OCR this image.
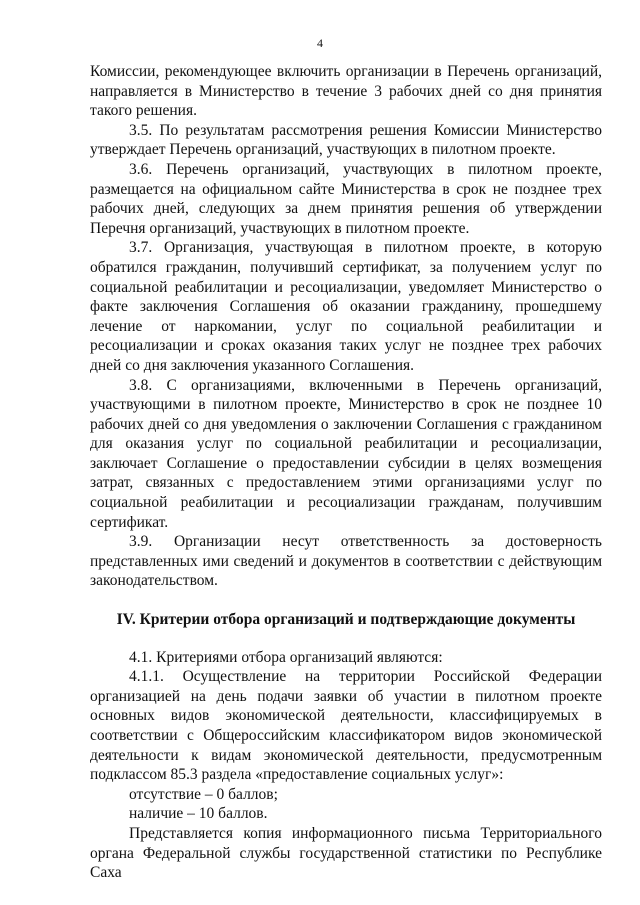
4

Комиссии, рекомендующее включить организации в Перечень организаций, направляется в Министерство в течение 3 рабочих дней со дня принятия такого решения.

3.5. По результатам рассмотрения решения Комиссии Министерство утверждает Перечень организаций, участвующих в пилотном проекте.

3.6. Перечень организаций, участвующих в пилотном проекте, размещается на официальном сайте Министерства в срок не позднее трех рабочих дней, следующих за днем принятия решения об утверждении Перечня организаций, участвующих в пилотном проекте.

3.7. Организация, участвующая в пилотном проекте, в которую обратился гражданин, получивший сертификат, за получением услуг по социальной реабилитации и ресоциализации, уведомляет Министерство о факте заключения Соглашения об оказании гражданину, прошедшему лечение от наркомании, услуг по социальной реабилитации и ресоциализации и сроках оказания таких услуг не позднее трех рабочих дней со дня заключения указанного Соглашения.

3.8. С организациями, включенными в Перечень организаций, участвующими в пилотном проекте, Министерство в срок не позднее 10 рабочих дней со дня уведомления о заключении Соглашения с гражданином для оказания услуг по социальной реабилитации и ресоциализации, заключает Соглашение о предоставлении субсидии в целях возмещения затрат, связанных с предоставлением этими организациями услуг по социальной реабилитации и ресоциализации гражданам, получившим сертификат.

3.9. Организации несут ответственность за достоверность представленных ими сведений и документов в соответствии с действующим законодательством.

IV. Критерии отбора организаций и подтверждающие документы

4.1. Критериями отбора организаций являются:

4.1.1. Осуществление на территории Российской Федерации организацией на день подачи заявки об участии в пилотном проекте основных видов экономической деятельности, классифицируемых в соответствии с Общероссийским классификатором видов экономической деятельности к видам экономической деятельности, предусмотренным подклассом 85.3 раздела «предоставление социальных услуг»:

отсутствие – 0 баллов;

наличие – 10 баллов.

Представляется копия информационного письма Территориального органа Федеральной службы государственной статистики по Республике Саха
